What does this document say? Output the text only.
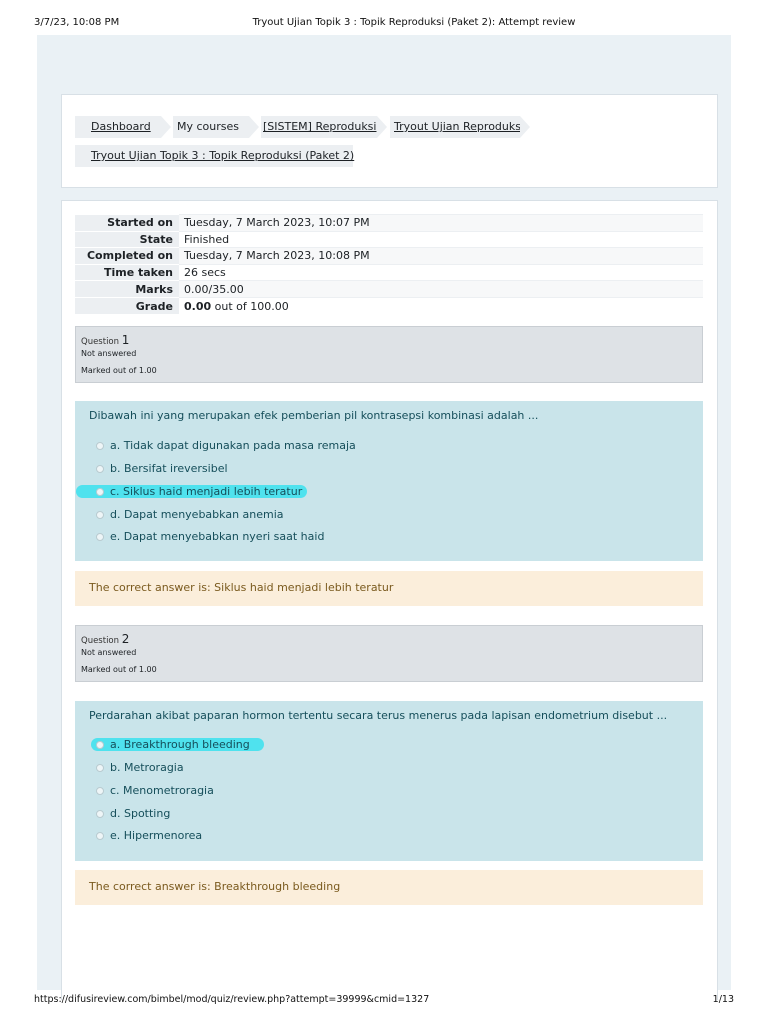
3/7/23, 10:08 PM	Tryout Ujian Topik 3 : Topik Reproduksi (Paket 2): Attempt review
Dashboard My courses [SISTEM] Reproduksi Tryout Ujian Reproduksi
Tryout Ujian Topik 3 : Topik Reproduksi (Paket 2)
Started on	Tuesday, 7 March 2023, 10:07 PM
State	Finished
Completed on	Tuesday, 7 March 2023, 10:08 PM
Time taken	26 secs
Marks	0.00/35.00
Grade	0.00 out of 100.00
Question 1
Not answered
Marked out of 1.00
Dibawah ini yang merupakan efek pemberian pil kontrasepsi kombinasi adalah ...
a. Tidak dapat digunakan pada masa remaja
b. Bersifat ireversibel
c. Siklus haid menjadi lebih teratur
d. Dapat menyebabkan anemia
e. Dapat menyebabkan nyeri saat haid
The correct answer is: Siklus haid menjadi lebih teratur
Question 2
Not answered
Marked out of 1.00
Perdarahan akibat paparan hormon tertentu secara terus menerus pada lapisan endometrium disebut ...
a. Breakthrough bleeding
b. Metroragia
c. Menometroragia
d. Spotting
e. Hipermenorea
The correct answer is: Breakthrough bleeding
https://difusireview.com/bimbel/mod/quiz/review.php?attempt=39999&cmid=1327	1/13
